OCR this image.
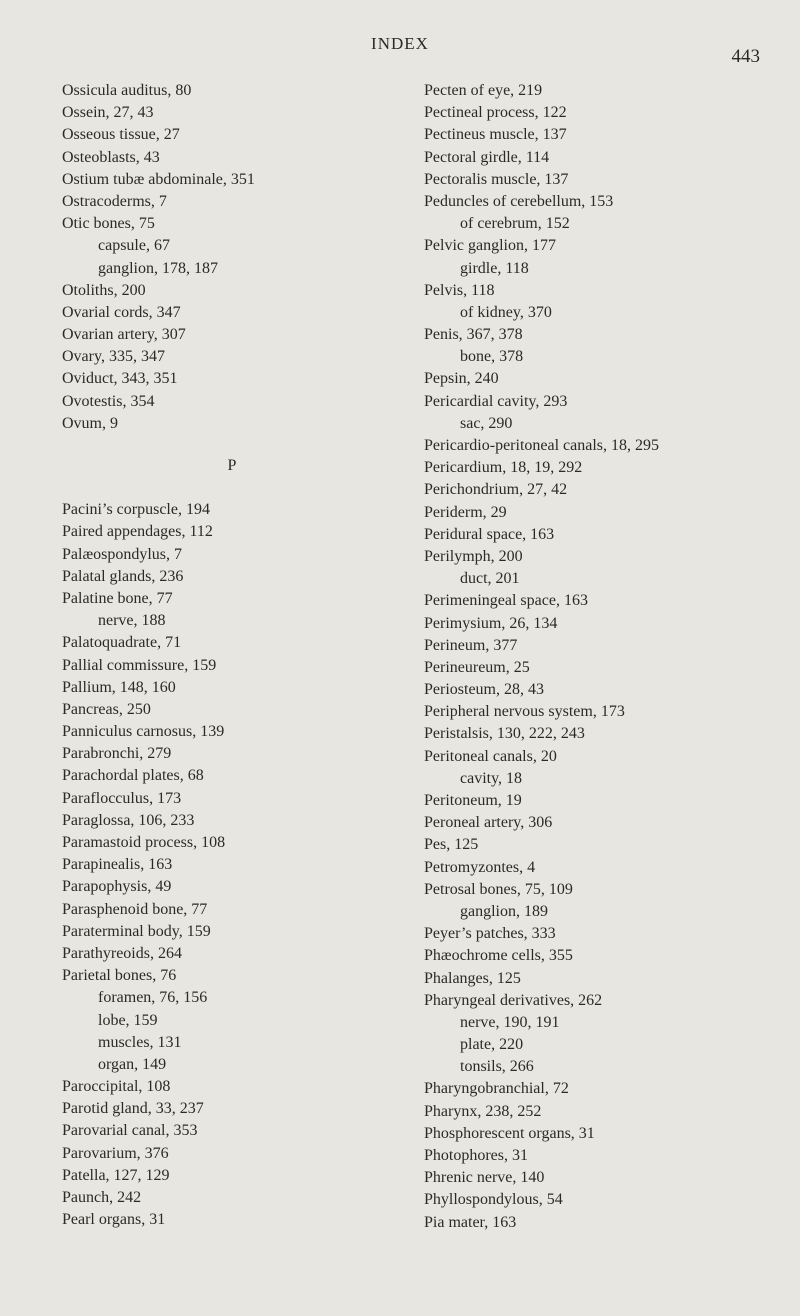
INDEX
443
Ossicula auditus, 80
Ossein, 27, 43
Osseous tissue, 27
Osteoblasts, 43
Ostium tubæ abdominale, 351
Ostracoderms, 7
Otic bones, 75
capsule, 67
ganglion, 178, 187
Otoliths, 200
Ovarial cords, 347
Ovarian artery, 307
Ovary, 335, 347
Oviduct, 343, 351
Ovotestis, 354
Ovum, 9
P
Pacini’s corpuscle, 194
Paired appendages, 112
Palæospondylus, 7
Palatal glands, 236
Palatine bone, 77
nerve, 188
Palatoquadrate, 71
Pallial commissure, 159
Pallium, 148, 160
Pancreas, 250
Panniculus carnosus, 139
Parabronchi, 279
Parachordal plates, 68
Paraflocculus, 173
Paraglossa, 106, 233
Paramastoid process, 108
Parapinealis, 163
Parapophysis, 49
Parasphenoid bone, 77
Paraterminal body, 159
Parathyreoids, 264
Parietal bones, 76
foramen, 76, 156
lobe, 159
muscles, 131
organ, 149
Paroccipital, 108
Parotid gland, 33, 237
Parovarial canal, 353
Parovarium, 376
Patella, 127, 129
Paunch, 242
Pearl organs, 31
Pecten of eye, 219
Pectineal process, 122
Pectineus muscle, 137
Pectoral girdle, 114
Pectoralis muscle, 137
Peduncles of cerebellum, 153
of cerebrum, 152
Pelvic ganglion, 177
girdle, 118
Pelvis, 118
of kidney, 370
Penis, 367, 378
bone, 378
Pepsin, 240
Pericardial cavity, 293
sac, 290
Pericardio-peritoneal canals, 18, 295
Pericardium, 18, 19, 292
Perichondrium, 27, 42
Periderm, 29
Peridural space, 163
Perilymph, 200
duct, 201
Perimeningeal space, 163
Perimysium, 26, 134
Perineum, 377
Perineureum, 25
Periosteum, 28, 43
Peripheral nervous system, 173
Peristalsis, 130, 222, 243
Peritoneal canals, 20
cavity, 18
Peritoneum, 19
Peroneal artery, 306
Pes, 125
Petromyzontes, 4
Petrosal bones, 75, 109
ganglion, 189
Peyer’s patches, 333
Phæochrome cells, 355
Phalanges, 125
Pharyngeal derivatives, 262
nerve, 190, 191
plate, 220
tonsils, 266
Pharyngobranchial, 72
Pharynx, 238, 252
Phosphorescent organs, 31
Photophores, 31
Phrenic nerve, 140
Phyllospondylous, 54
Pia mater, 163
